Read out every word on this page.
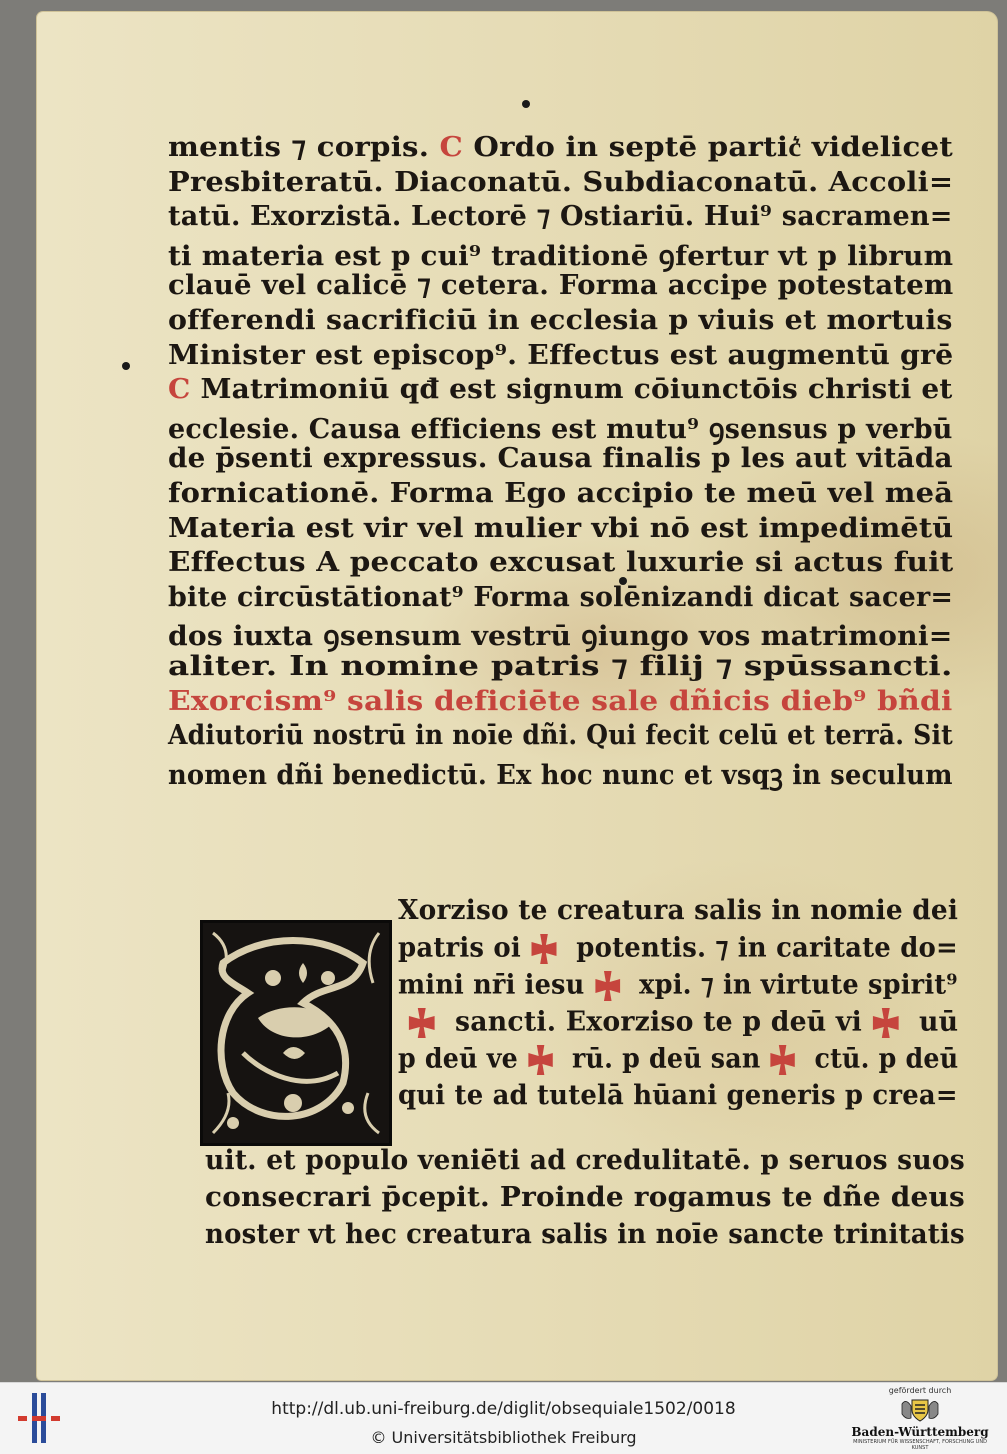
mentis ⁊ corpis. C Ordo in septē partic͛ videlicet
Presbiteratū. Diaconatū. Subdiaconatū. Accoli=
tatū. Exorzistā. Lectorē ⁊ Ostiariū. Hui⁹ sacramen=
ti materia est p cui⁹ traditionē ꝯfertur vt p librum
clauē vel calicē ⁊ cetera. Forma accipe potestatem
offerendi sacrificiū in ecclesia p viuis et mortuis
Minister est episcop⁹. Effectus est augmentū grē
C Matrimoniū qđ est signum cōiunctōis christi et
ecclesie. Causa efficiens est mutu⁹ ꝯsensus p verbū
de p̄senti expressus. Causa finalis p les aut vitāda
fornicationē. Forma Ego accipio te meū vel meā
Materia est vir vel mulier vbi nō est impedimētū
Effectus A peccato excusat luxurie si actus fuit
bite circūstātionat⁹ Forma solēnizandi dicat sacer=
dos iuxta ꝯsensum vestrū ꝯiungo vos matrimoni=
aliter. In nomine patris ⁊ filij ⁊ spūssancti.
Exorcism⁹ salis deficiēte sale dñicis dieb⁹ bñdi
Adiutoriū nostrū in noīe dñi. Qui fecit celū et terrā. Sit
nomen dñi benedictū. Ex hoc nunc et vsqꝫ in seculum
Xorziso te creatura salis in nomie dei
patris oi potentis. ⁊ in caritate do=
mini nr̄i iesu xpi. ⁊ in virtute spirit⁹
sancti. Exorziso te p deū vi uū
p deū ve rū. p deū san ctū. p deū
qui te ad tutelā hūani generis p crea=
uit. et populo veniēti ad credulitatē. p seruos suos
consecrari p̄cepit. Proinde rogamus te dñe deus
noster vt hec creatura salis in noīe sancte trinitatis
http://dl.ub.uni-freiburg.de/diglit/obsequiale1502/0018
© Universitätsbibliothek Freiburg
gefördert durch
Baden-Württemberg
MINISTERIUM FÜR WISSENSCHAFT, FORSCHUNG UND KUNST
